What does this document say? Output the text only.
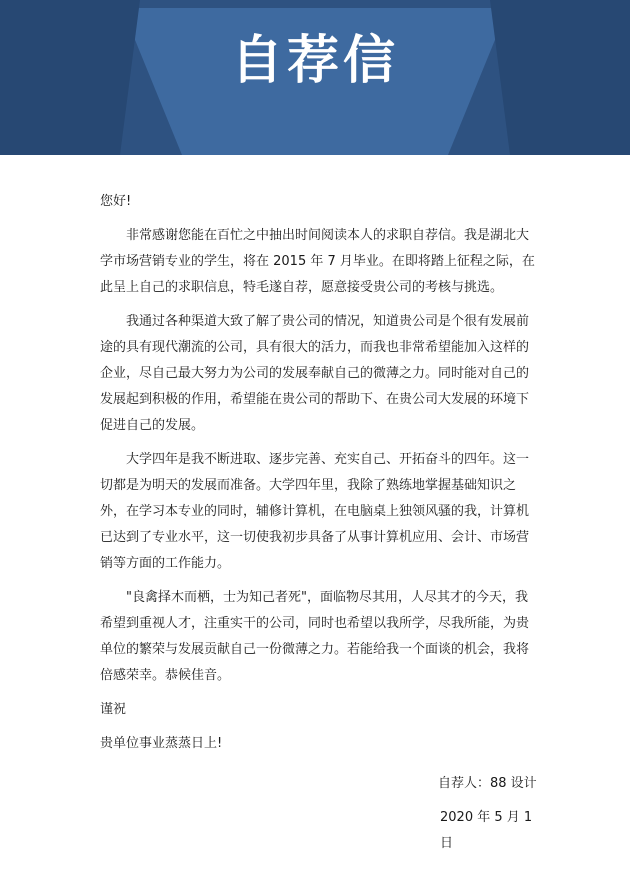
自荐信

您好!

非常感谢您能在百忙之中抽出时间阅读本人的求职自荐信。我是湖北大学市场营销专业的学生，将在 2015 年 7 月毕业。在即将踏上征程之际，在此呈上自己的求职信息，特毛遂自荐，愿意接受贵公司的考核与挑选。

我通过各种渠道大致了解了贵公司的情况，知道贵公司是个很有发展前途的具有现代潮流的公司，具有很大的活力，而我也非常希望能加入这样的企业，尽自己最大努力为公司的发展奉献自己的微薄之力。同时能对自己的发展起到积极的作用，希望能在贵公司的帮助下、在贵公司大发展的环境下促进自己的发展。

大学四年是我不断进取、逐步完善、充实自己、开拓奋斗的四年。这一切都是为明天的发展而准备。大学四年里，我除了熟练地掌握基础知识之外，在学习本专业的同时，辅修计算机，在电脑桌上独领风骚的我，计算机已达到了专业水平，这一切使我初步具备了从事计算机应用、会计、市场营销等方面的工作能力。

"良禽择木而栖，士为知己者死"，面临物尽其用，人尽其才的今天，我希望到重视人才，注重实干的公司，同时也希望以我所学，尽我所能，为贵单位的繁荣与发展贡献自己一份微薄之力。若能给我一个面谈的机会，我将倍感荣幸。恭候佳音。

谨祝

贵单位事业蒸蒸日上!

自荐人：88 设计

2020 年 5 月 1 日
